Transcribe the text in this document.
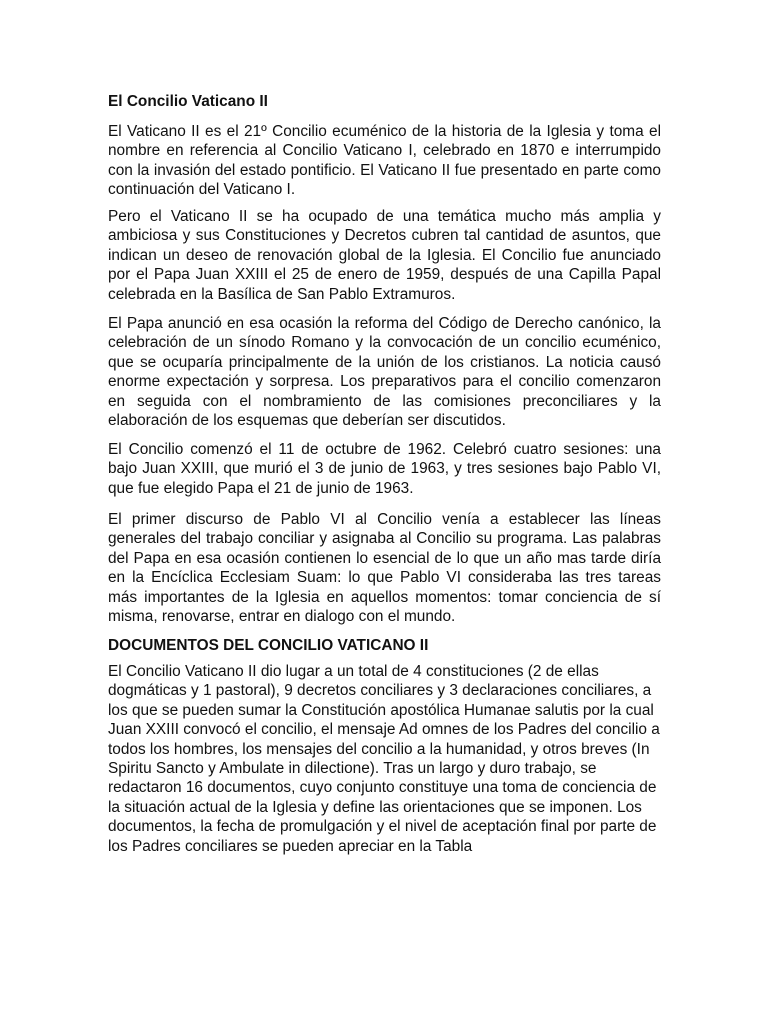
El Concilio Vaticano II

El Vaticano II es el 21º Concilio ecuménico de la historia de la Iglesia y toma el nombre en referencia al Concilio Vaticano I, celebrado en 1870 e interrumpido con la invasión del estado pontificio. El Vaticano II fue presentado en parte como continuación del Vaticano I.

Pero el Vaticano II se ha ocupado de una temática mucho más amplia y ambiciosa y sus Constituciones y Decretos cubren tal cantidad de asuntos, que indican un deseo de renovación global de la Iglesia. El Concilio fue anunciado por el Papa Juan XXIII el 25 de enero de 1959, después de una Capilla Papal celebrada en la Basílica de San Pablo Extramuros.

El Papa anunció en esa ocasión la reforma del Código de Derecho canónico, la celebración de un sínodo Romano y la convocación de un concilio ecuménico, que se ocuparía principalmente de la unión de los cristianos. La noticia causó enorme expectación y sorpresa. Los preparativos para el concilio comenzaron en seguida con el nombramiento de las comisiones preconciliares y la elaboración de los esquemas que deberían ser discutidos.

El Concilio comenzó el 11 de octubre de 1962. Celebró cuatro sesiones: una bajo Juan XXIII, que murió el 3 de junio de 1963, y tres sesiones bajo Pablo VI, que fue elegido Papa el 21 de junio de 1963.

El primer discurso de Pablo VI al Concilio venía a establecer las líneas generales del trabajo conciliar y asignaba al Concilio su programa. Las palabras del Papa en esa ocasión contienen lo esencial de lo que un año mas tarde diría en la Encíclica Ecclesiam Suam: lo que Pablo VI consideraba las tres tareas más importantes de la Iglesia en aquellos momentos: tomar conciencia de sí misma, renovarse, entrar en dialogo con el mundo.

DOCUMENTOS DEL CONCILIO VATICANO II

El Concilio Vaticano II dio lugar a un total de 4 constituciones (2 de ellas dogmáticas y 1 pastoral), 9 decretos conciliares y 3 declaraciones conciliares, a los que se pueden sumar la Constitución apostólica Humanae salutis por la cual Juan XXIII convocó el concilio, el mensaje Ad omnes de los Padres del concilio a todos los hombres, los mensajes del concilio a la humanidad, y otros breves (In Spiritu Sancto y Ambulate in dilectione). Tras un largo y duro trabajo, se redactaron 16 documentos, cuyo conjunto constituye una toma de conciencia de la situación actual de la Iglesia y define las orientaciones que se imponen. Los documentos, la fecha de promulgación y el nivel de aceptación final por parte de los Padres conciliares se pueden apreciar en la Tabla
